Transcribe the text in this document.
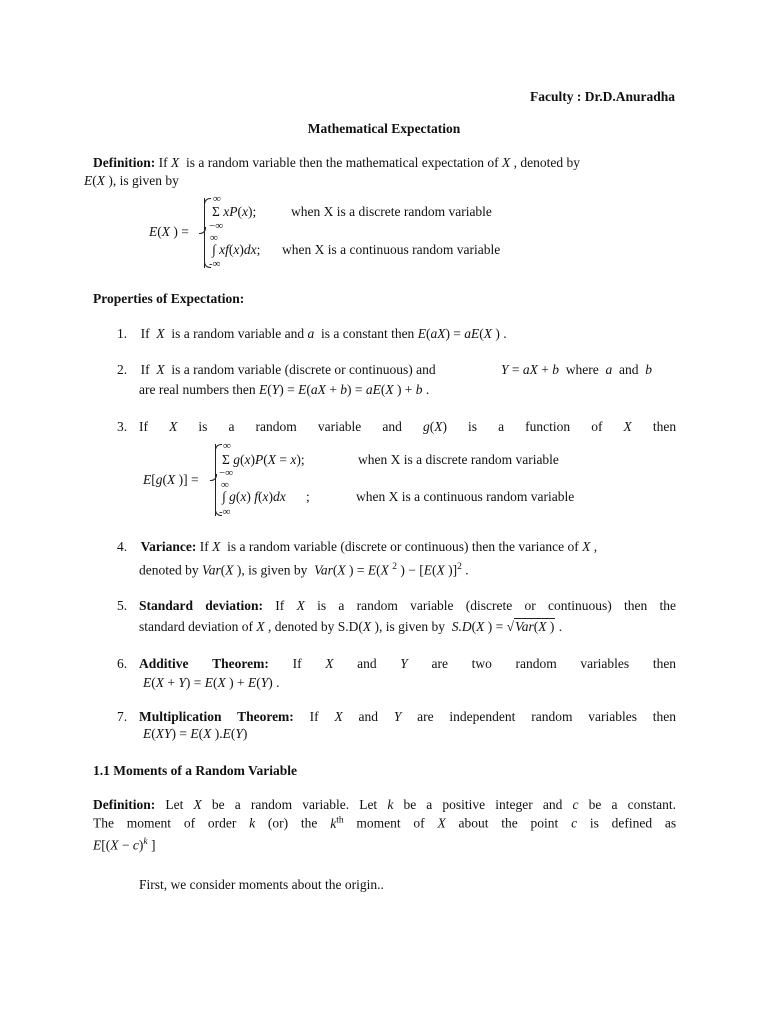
Faculty : Dr.D.Anuradha
Mathematical Expectation
Definition: If X is a random variable then the mathematical expectation of X , denoted by
E(X ), is given by
E(X ) =
∞
Σ xP(x);	when X is a discrete random variable
−∞
∞
∫ xf(x)dx; when X is a continuous random variable
-∞
Properties of Expectation:
1. If X is a random variable and a is a constant then E(aX) = aE(X ) .
2. If X is a random variable (discrete or continuous) and	Y = aX + b where a and b
are real numbers then E(Y) = E(aX + b) = aE(X ) + b .
3. If X is a random variable and g(X) is a function of X then
E[g(X )] =
∞
Σ g(x)P(X = x);	when X is a discrete random variable
−∞
∞
∫ g(x) f(x)dx      ;	when X is a continuous random variable
-∞
4. Variance: If X is a random variable (discrete or continuous) then the variance of X ,
denoted by Var(X ), is given by Var(X ) = E(X $^2$ ) − [E(X )]$^2$ .
5. Standard deviation: If X is a random variable (discrete or continuous) then the
standard deviation of X , denoted by S.D(X ), is given by S.D(X ) = √Var(X ) .
6. Additive Theorem: If X and Y are two random variables then
E(X + Y) = E(X ) + E(Y) .
7. Multiplication Theorem: If X and Y are independent random variables then
E(XY) = E(X ).E(Y)
1.1 Moments of a Random Variable
Definition: Let X be a random variable. Let k be a positive integer and c be a constant.
The moment of order k (or) the $k^{th}$ moment of X about the point c is defined as
$E[(X - c)^k$ ]
First, we consider moments about the origin..
